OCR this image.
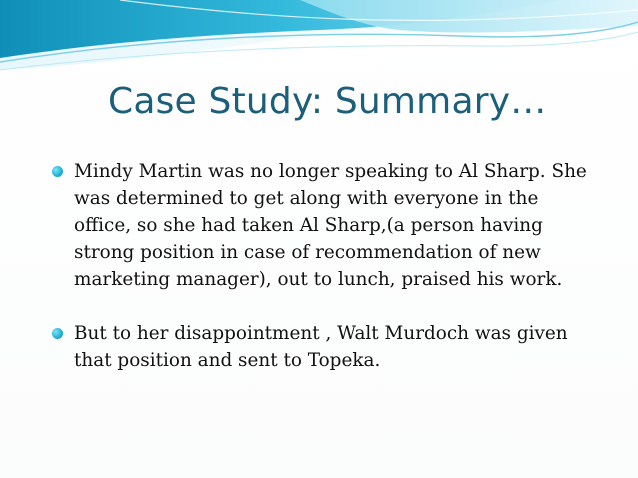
Case Study: Summary…
Mindy Martin was no longer speaking to Al Sharp. She
was determined to get along with everyone in the
office, so she had taken Al Sharp,(a person having
strong position in case of recommendation of new
marketing manager), out to lunch, praised his work.
But to her disappointment , Walt Murdoch was given
that position and sent to Topeka.
